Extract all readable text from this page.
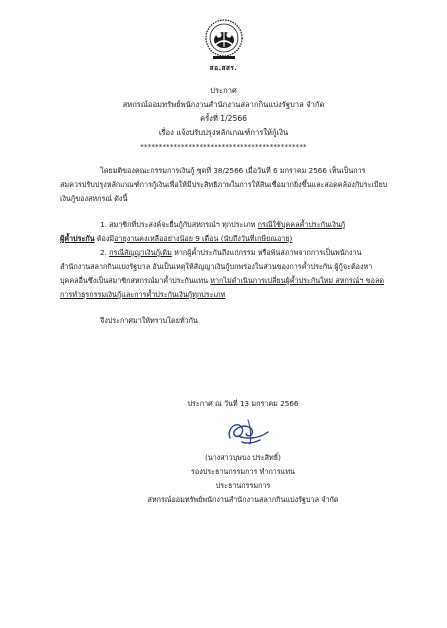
สอ.สสร.
ประกาศ
สหกรณ์ออมทรัพย์พนักงานสำนักงานสลากกินแบ่งรัฐบาล จำกัด
ครั้งที่ 1/2566
เรื่อง แจ้งปรับปรุงหลักเกณฑ์การให้กู้เงิน
*********************************************

โดยมติของคณะกรรมการเงินกู้ ชุดที่ 38/2566 เมื่อวันที่ 6 มกราคม 2566 เห็นเป็นการ

สมควรปรับปรุงหลักเกณฑ์การกู้เงินเพื่อให้มีประสิทธิภาพในการให้สินเชื่อมากยิ่งขึ้นและสอดคล้องกับระเบียบ

เงินกู้ของสหกรณ์ ดังนี้

1. สมาชิกที่ประสงค์จะยื่นกู้กับสหกรณ์ฯ ทุกประเภท กรณีใช้บุคคลค้ำประกันเงินกู้

ผู้ค้ำประกัน ต้องมีอายุงานคงเหลืออย่างน้อย 9 เดือน (นับถึงวันที่เกษียณอายุ)

2. กรณีสัญญาเงินกู้เดิม หากผู้ค้ำประกันถึงแก่กรรม หรือพ้นสภาพจากการเป็นพนักงาน

สำนักงานสลากกินแบ่งรัฐบาล อันเป็นเหตุให้สัญญาเงินกู้บกพร่องในส่วนของการค้ำประกัน ผู้กู้จะต้องหา

บุคคลอื่นซึ่งเป็นสมาชิกสหกรณ์มาค้ำประกันแทน หากไม่ดำเนินการเปลี่ยนผู้ค้ำประกันใหม่ สหกรณ์ฯ ขอลด

การทำธุรกรรมเงินกู้และการค้ำประกันเงินกู้ทุกประเภท

จึงประกาศมาให้ทราบโดยทั่วกัน

ประกาศ ณ วันที่ 13 มกราคม 2566

(นางสาวบุษบง ประสิทธิ์)

รองประธานกรรมการ ทำการแทน

ประธานกรรมการ

สหกรณ์ออมทรัพย์พนักงานสำนักงานสลากกินแบ่งรัฐบาล จำกัด
